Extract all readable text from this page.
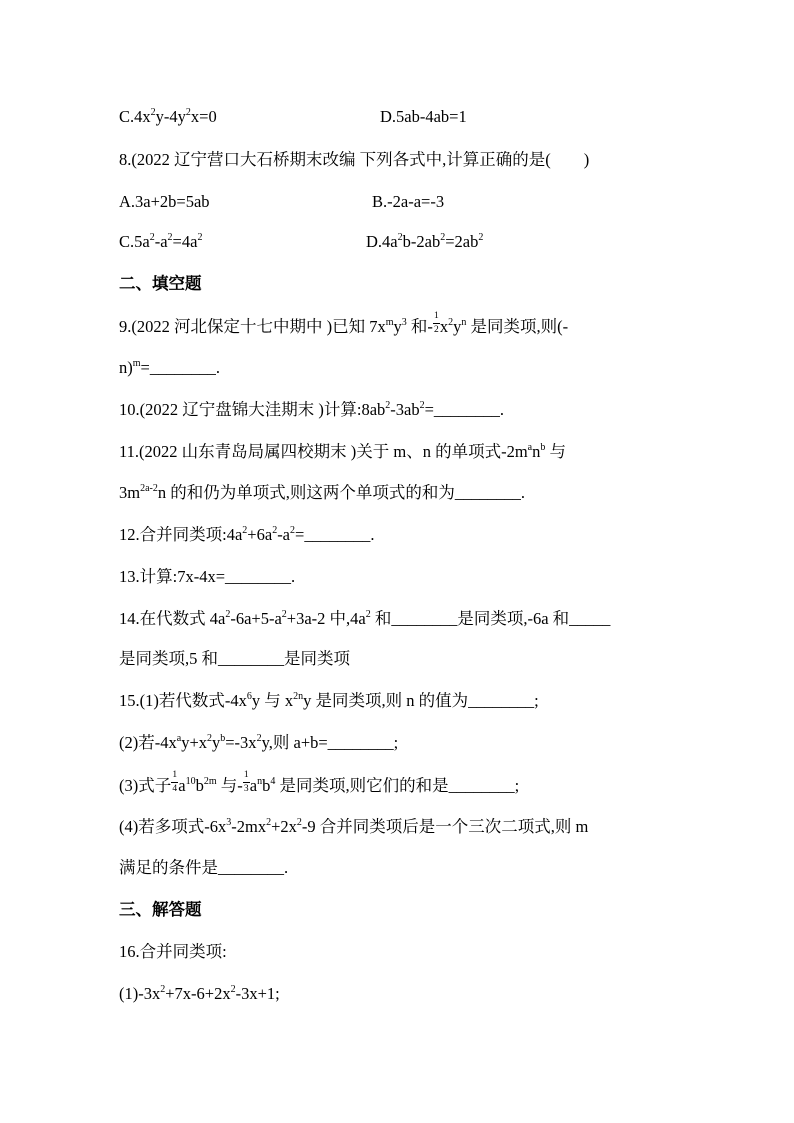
$C.4x^2y-4y^2x=0$	D.5ab-4ab=1
8.(2022 辽宁营口大石桥期末改编 下列各式中,计算正确的是(　　)
A.3a+2b=5ab	B.-2a-a=-3
$C.5a^2-a^2=4a^2$	$D.4a^2b-2ab^2=2ab^2$
二、填空题
9.(2022 河北保定十七中期中 )已知 $7x^my^3$ 和- $\frac{1}{2} x^2y^n$ 是同类项,则(-
n)$^m$=________.
10.(2022 辽宁盘锦大洼期末 )计算$:8ab^2-3ab^2=\_\_\_\_\_\_\_\_$.
11.(2022 山东青岛局属四校期末 )关于 m、n 的单项式$-2m^an^b$ 与
$3m^{2a-2}n$ 的和仍为单项式,则这两个单项式的和为________.
12.合并同类项$:4a^2+6a^2-a^2=\_\_\_\_\_\_\_\_$.
13.计算:7x-4x=________.
14.在代数式 $4a^2-6a+5-a^2+3a-2$ 中$,4a^2$ 和________是同类项,-6a 和_____
是同类项,5 和________是同类项
15.(1)若代数式$-4x^6y$ 与 $x^{2n}y$ 是同类项,则 n 的值为________;
(2)若$-4x^ay+x^2y^b=-3x^2y$,则 a+b=________;
(3)式子 $\frac{1}{4} a^{10}b^{2m}$ 与- $\frac{1}{3} a^nb^4$ 是同类项,则它们的和是________;
(4)若多项式$-6x^3-2mx^2+2x^2-9$ 合并同类项后是一个三次二项式,则 m
满足的条件是________.
三、解答题
16.合并同类项:
$(1)-3x^2+7x-6+2x^2-3x+1$;
